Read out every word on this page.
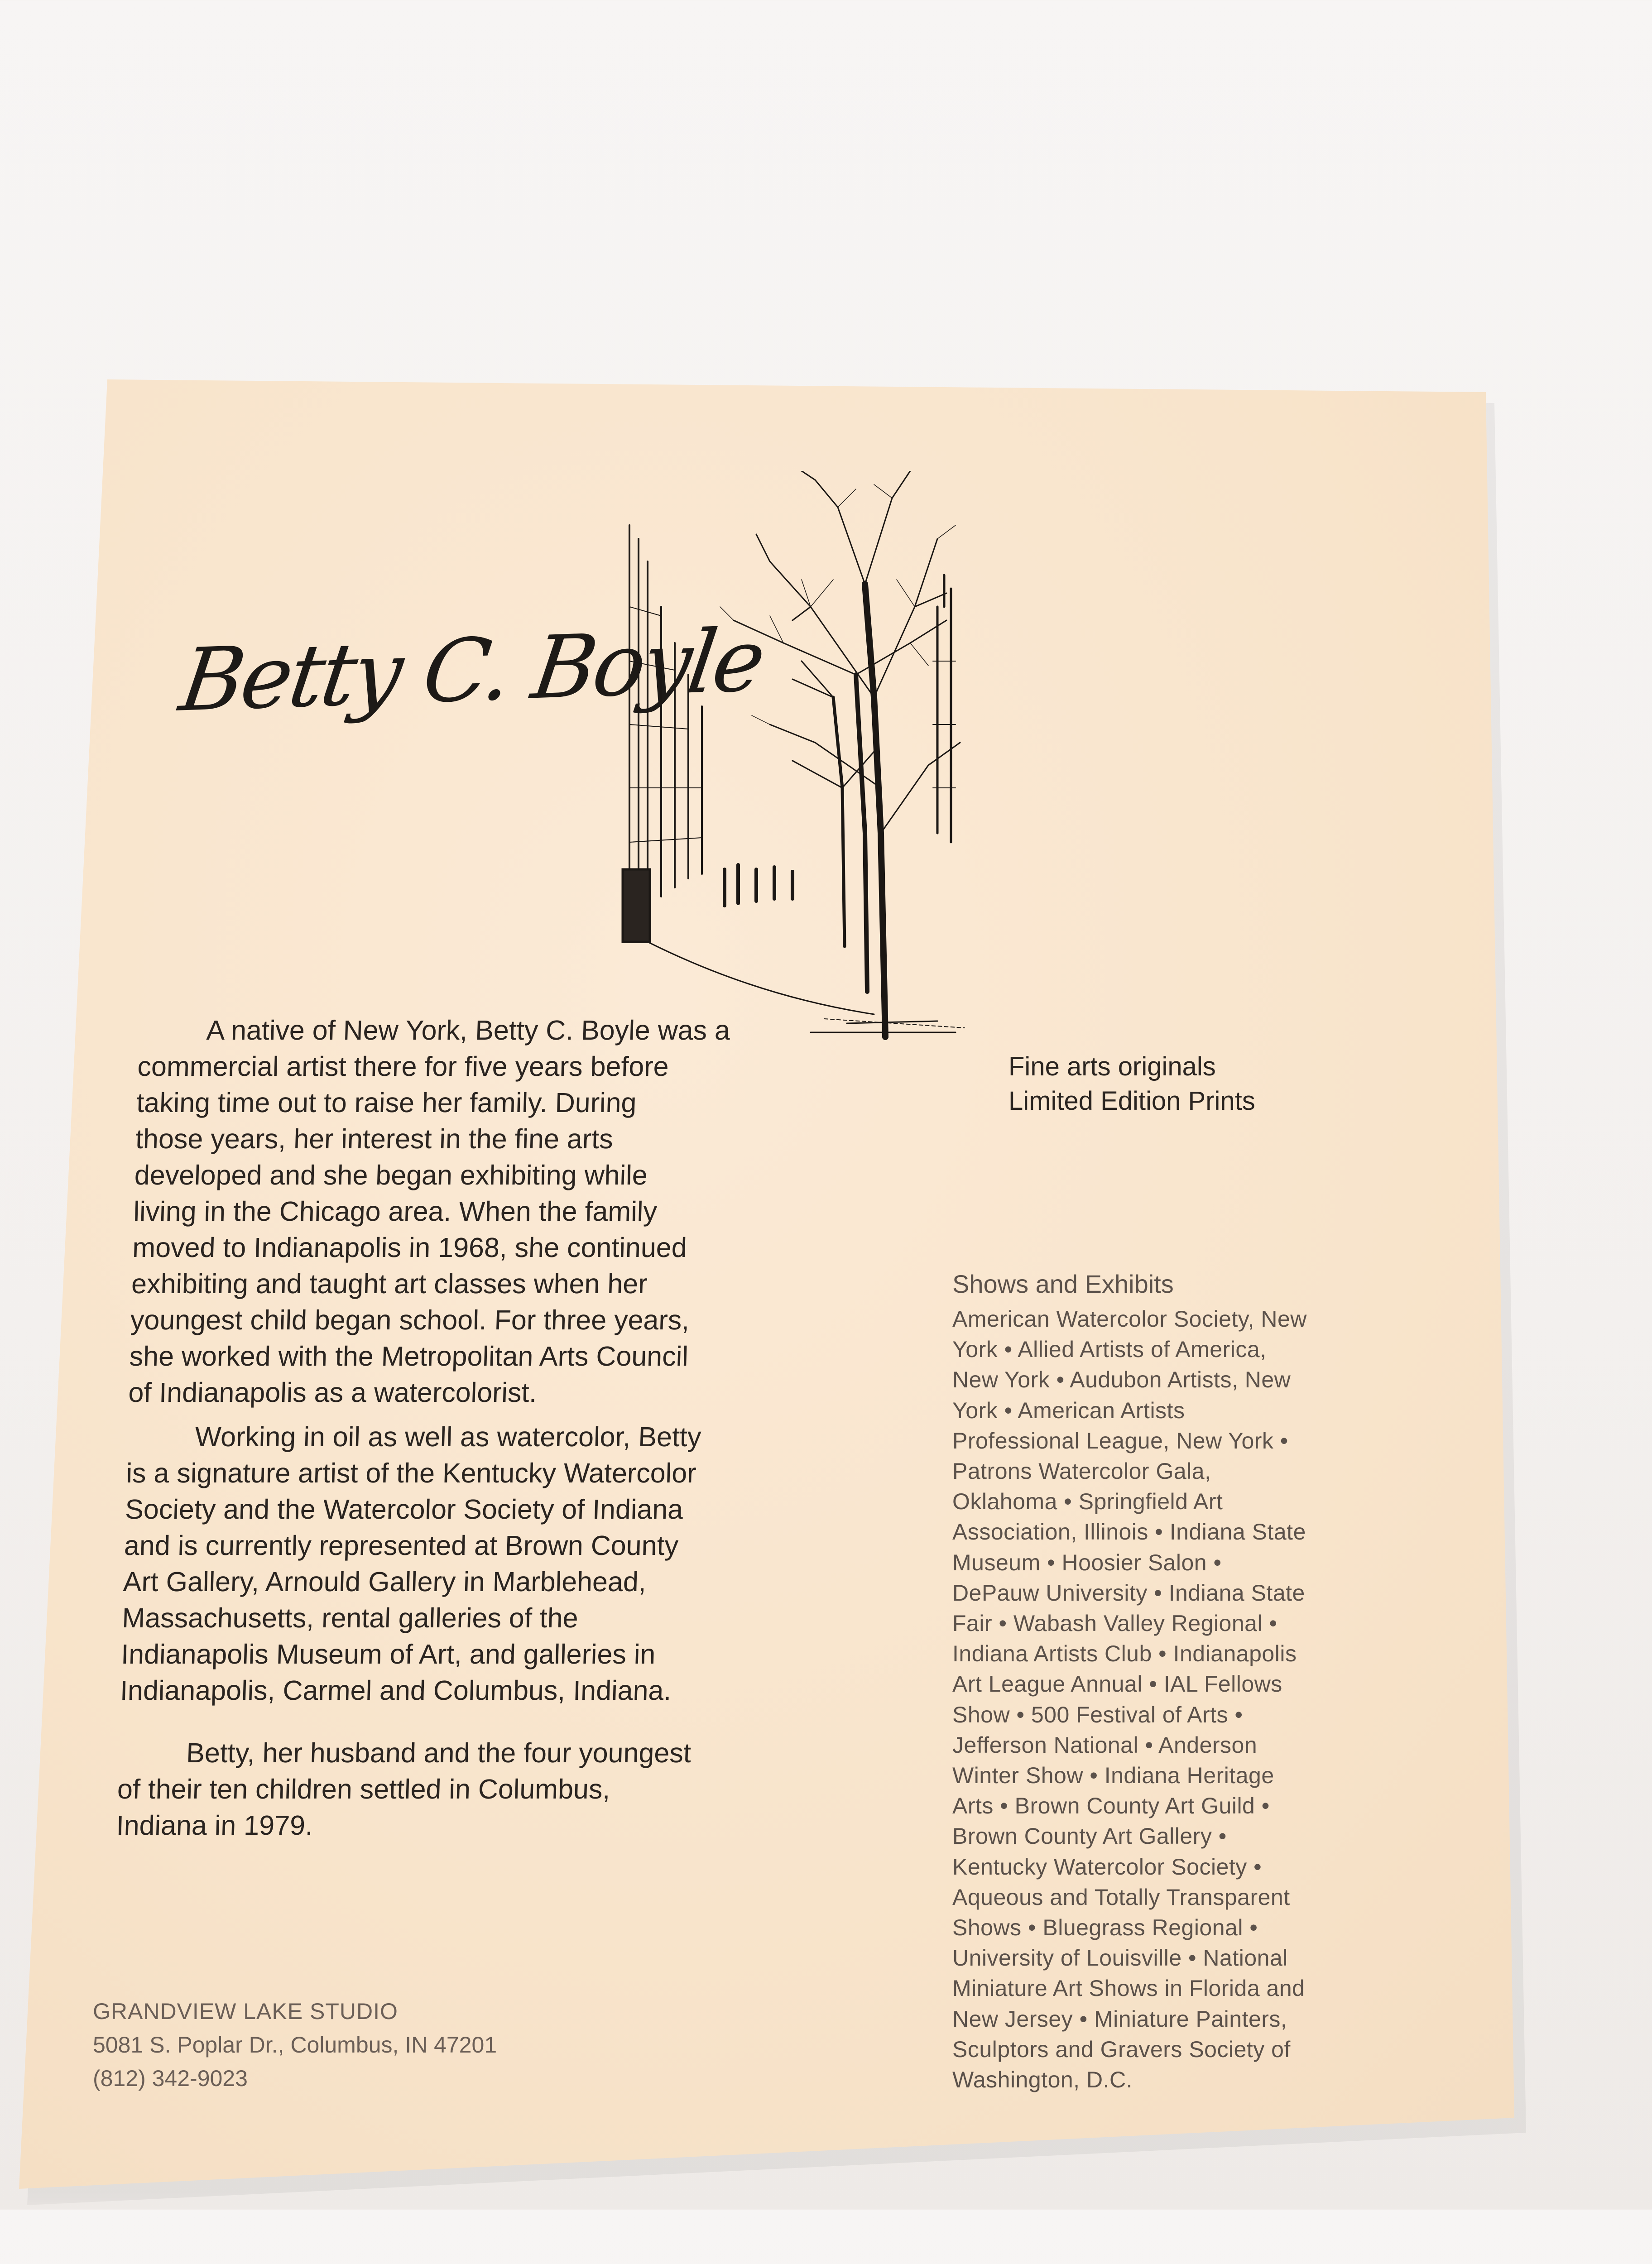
Betty C. Boyle
A native of New York, Betty C. Boyle was a
commercial artist there for five years before
taking time out to raise her family. During
those years, her interest in the fine arts
developed and she began exhibiting while
living in the Chicago area. When the family
moved to Indianapolis in 1968, she continued
exhibiting and taught art classes when her
youngest child began school. For three years,
she worked with the Metropolitan Arts Council
of Indianapolis as a watercolorist.
Working in oil as well as watercolor, Betty
is a signature artist of the Kentucky Watercolor
Society and the Watercolor Society of Indiana
and is currently represented at Brown County
Art Gallery, Arnould Gallery in Marblehead,
Massachusetts, rental galleries of the
Indianapolis Museum of Art, and galleries in
Indianapolis, Carmel and Columbus, Indiana.
Betty, her husband and the four youngest
of their ten children settled in Columbus,
Indiana in 1979.
Fine arts originals
Limited Edition Prints
Shows and Exhibits
American Watercolor Society, New
York • Allied Artists of America,
New York • Audubon Artists, New
York • American Artists
Professional League, New York •
Patrons Watercolor Gala,
Oklahoma • Springfield Art
Association, Illinois • Indiana State
Museum • Hoosier Salon •
DePauw University • Indiana State
Fair • Wabash Valley Regional •
Indiana Artists Club • Indianapolis
Art League Annual • IAL Fellows
Show • 500 Festival of Arts •
Jefferson National • Anderson
Winter Show • Indiana Heritage
Arts • Brown County Art Guild •
Brown County Art Gallery •
Kentucky Watercolor Society •
Aqueous and Totally Transparent
Shows • Bluegrass Regional •
University of Louisville • National
Miniature Art Shows in Florida and
New Jersey • Miniature Painters,
Sculptors and Gravers Society of
Washington, D.C.
GRANDVIEW LAKE STUDIO
5081 S. Poplar Dr., Columbus, IN 47201
(812) 342-9023
